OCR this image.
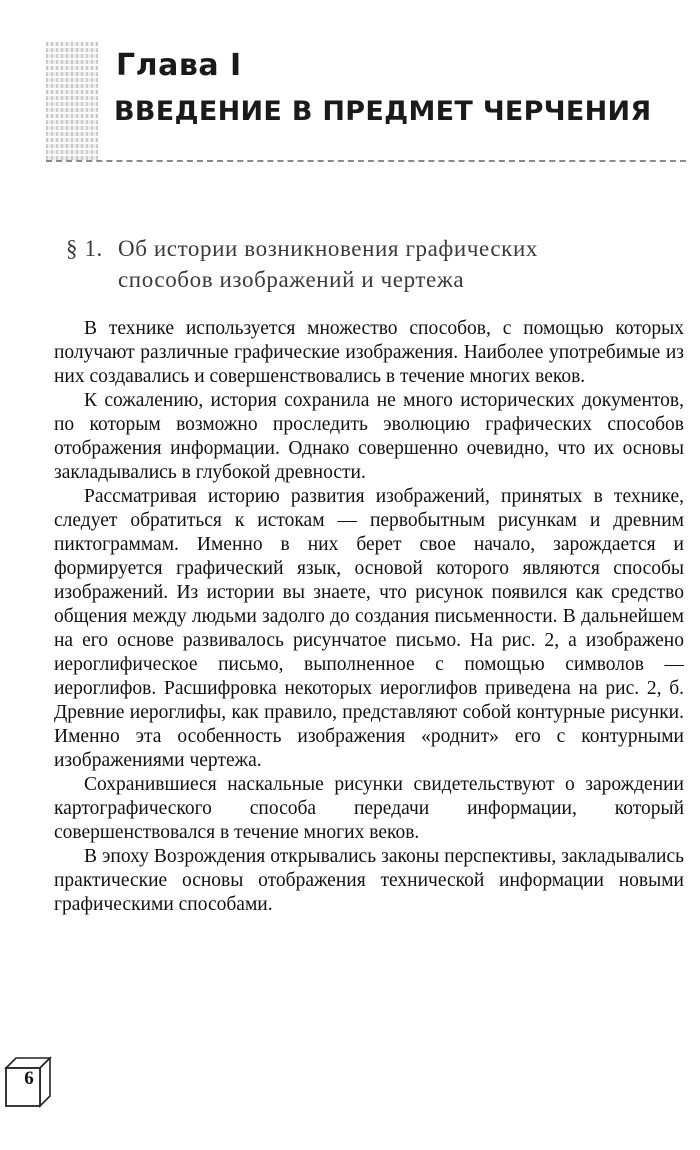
Глава I
ВВЕДЕНИЕ В ПРЕДМЕТ ЧЕРЧЕНИЯ
§ 1. Об истории возникновения графических
способов изображений и чертежа

В технике используется множество способов, с помощью которых получают различные графические изображения. Наиболее употребимые из них создавались и совершенствовались в течение многих веков.

К сожалению, история сохранила не много исторических документов, по которым возможно проследить эволюцию графических способов отображения информации. Однако совершенно очевидно, что их основы закладывались в глубокой древности.

Рассматривая историю развития изображений, принятых в технике, следует обратиться к истокам — первобытным рисункам и древним пиктограммам. Именно в них берет свое начало, зарождается и формируется графический язык, основой которого являются способы изображений. Из истории вы знаете, что рисунок появился как средство общения между людьми задолго до создания письменности. В дальнейшем на его основе развивалось рисунчатое письмо. На рис. 2, а изображено иероглифическое письмо, выполненное с помощью символов — иероглифов. Расшифровка некоторых иероглифов приведена на рис. 2, б. Древние иероглифы, как правило, представляют собой контурные рисунки. Именно эта особенность изображения «роднит» его с контурными изображениями чертежа.

Сохранившиеся наскальные рисунки свидетельствуют о зарождении картографического способа передачи информации, который совершенствовался в течение многих веков.

В эпоху Возрождения открывались законы перспективы, закладывались практические основы отображения технической информации новыми графическими способами.

6
